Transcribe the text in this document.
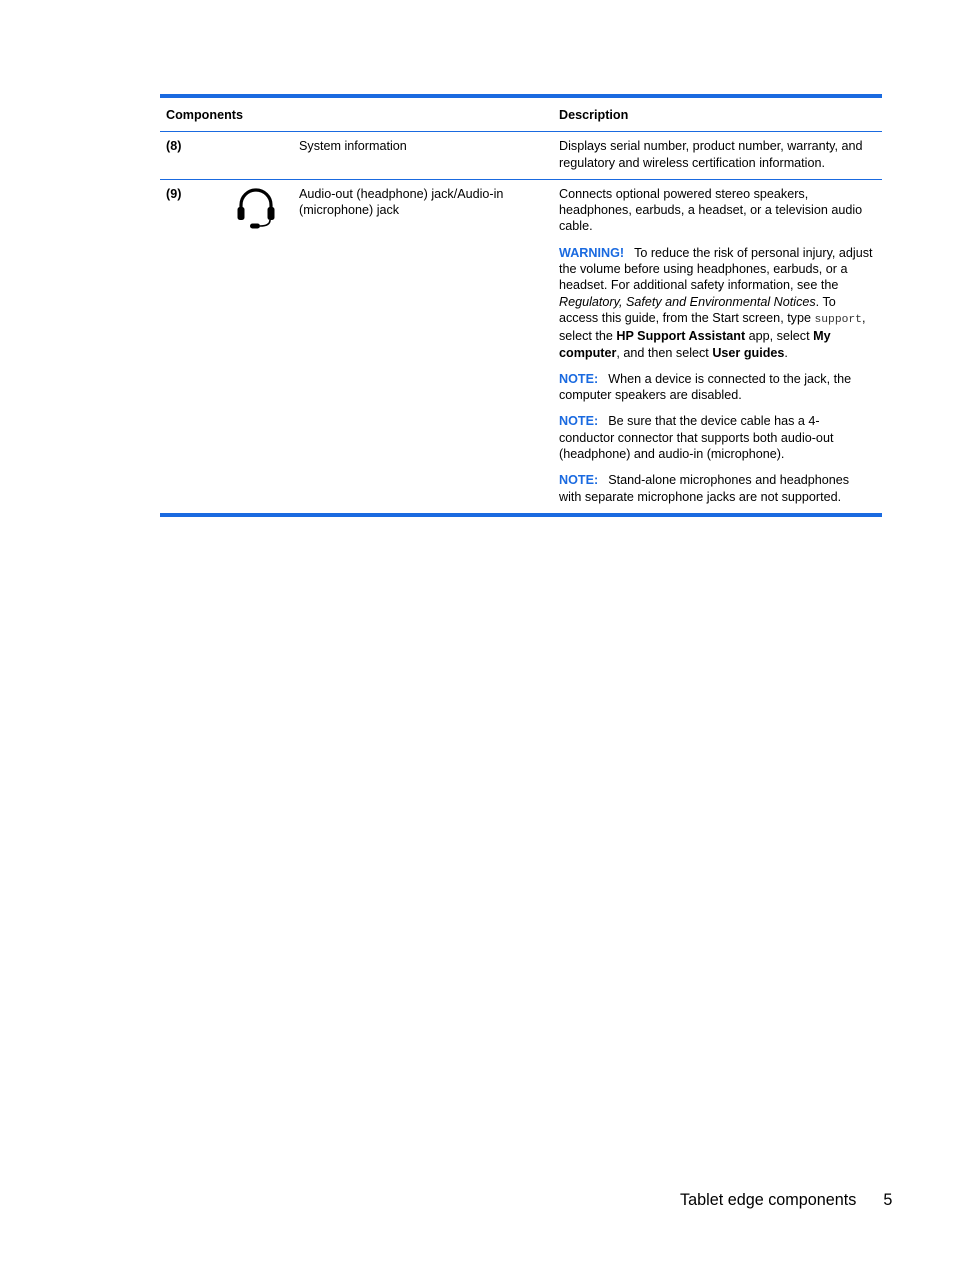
Components			Description
(8)		System information	Displays serial number, product number, warranty, and regulatory and wireless certification information.

(9)		Audio-out (headphone) jack/Audio-in (microphone) jack	Connects optional powered stereo speakers, headphones, earbuds, a headset, or a television audio cable.

WARNING! To reduce the risk of personal injury, adjust the volume before using headphones, earbuds, or a headset. For additional safety information, see the Regulatory, Safety and Environmental Notices. To access this guide, from the Start screen, type support, select the HP Support Assistant app, select My computer, and then select User guides.

NOTE: When a device is connected to the jack, the computer speakers are disabled.

NOTE: Be sure that the device cable has a 4-conductor connector that supports both audio-out (headphone) and audio-in (microphone).

NOTE: Stand-alone microphones and headphones with separate microphone jacks are not supported.

Tablet edge components 5
